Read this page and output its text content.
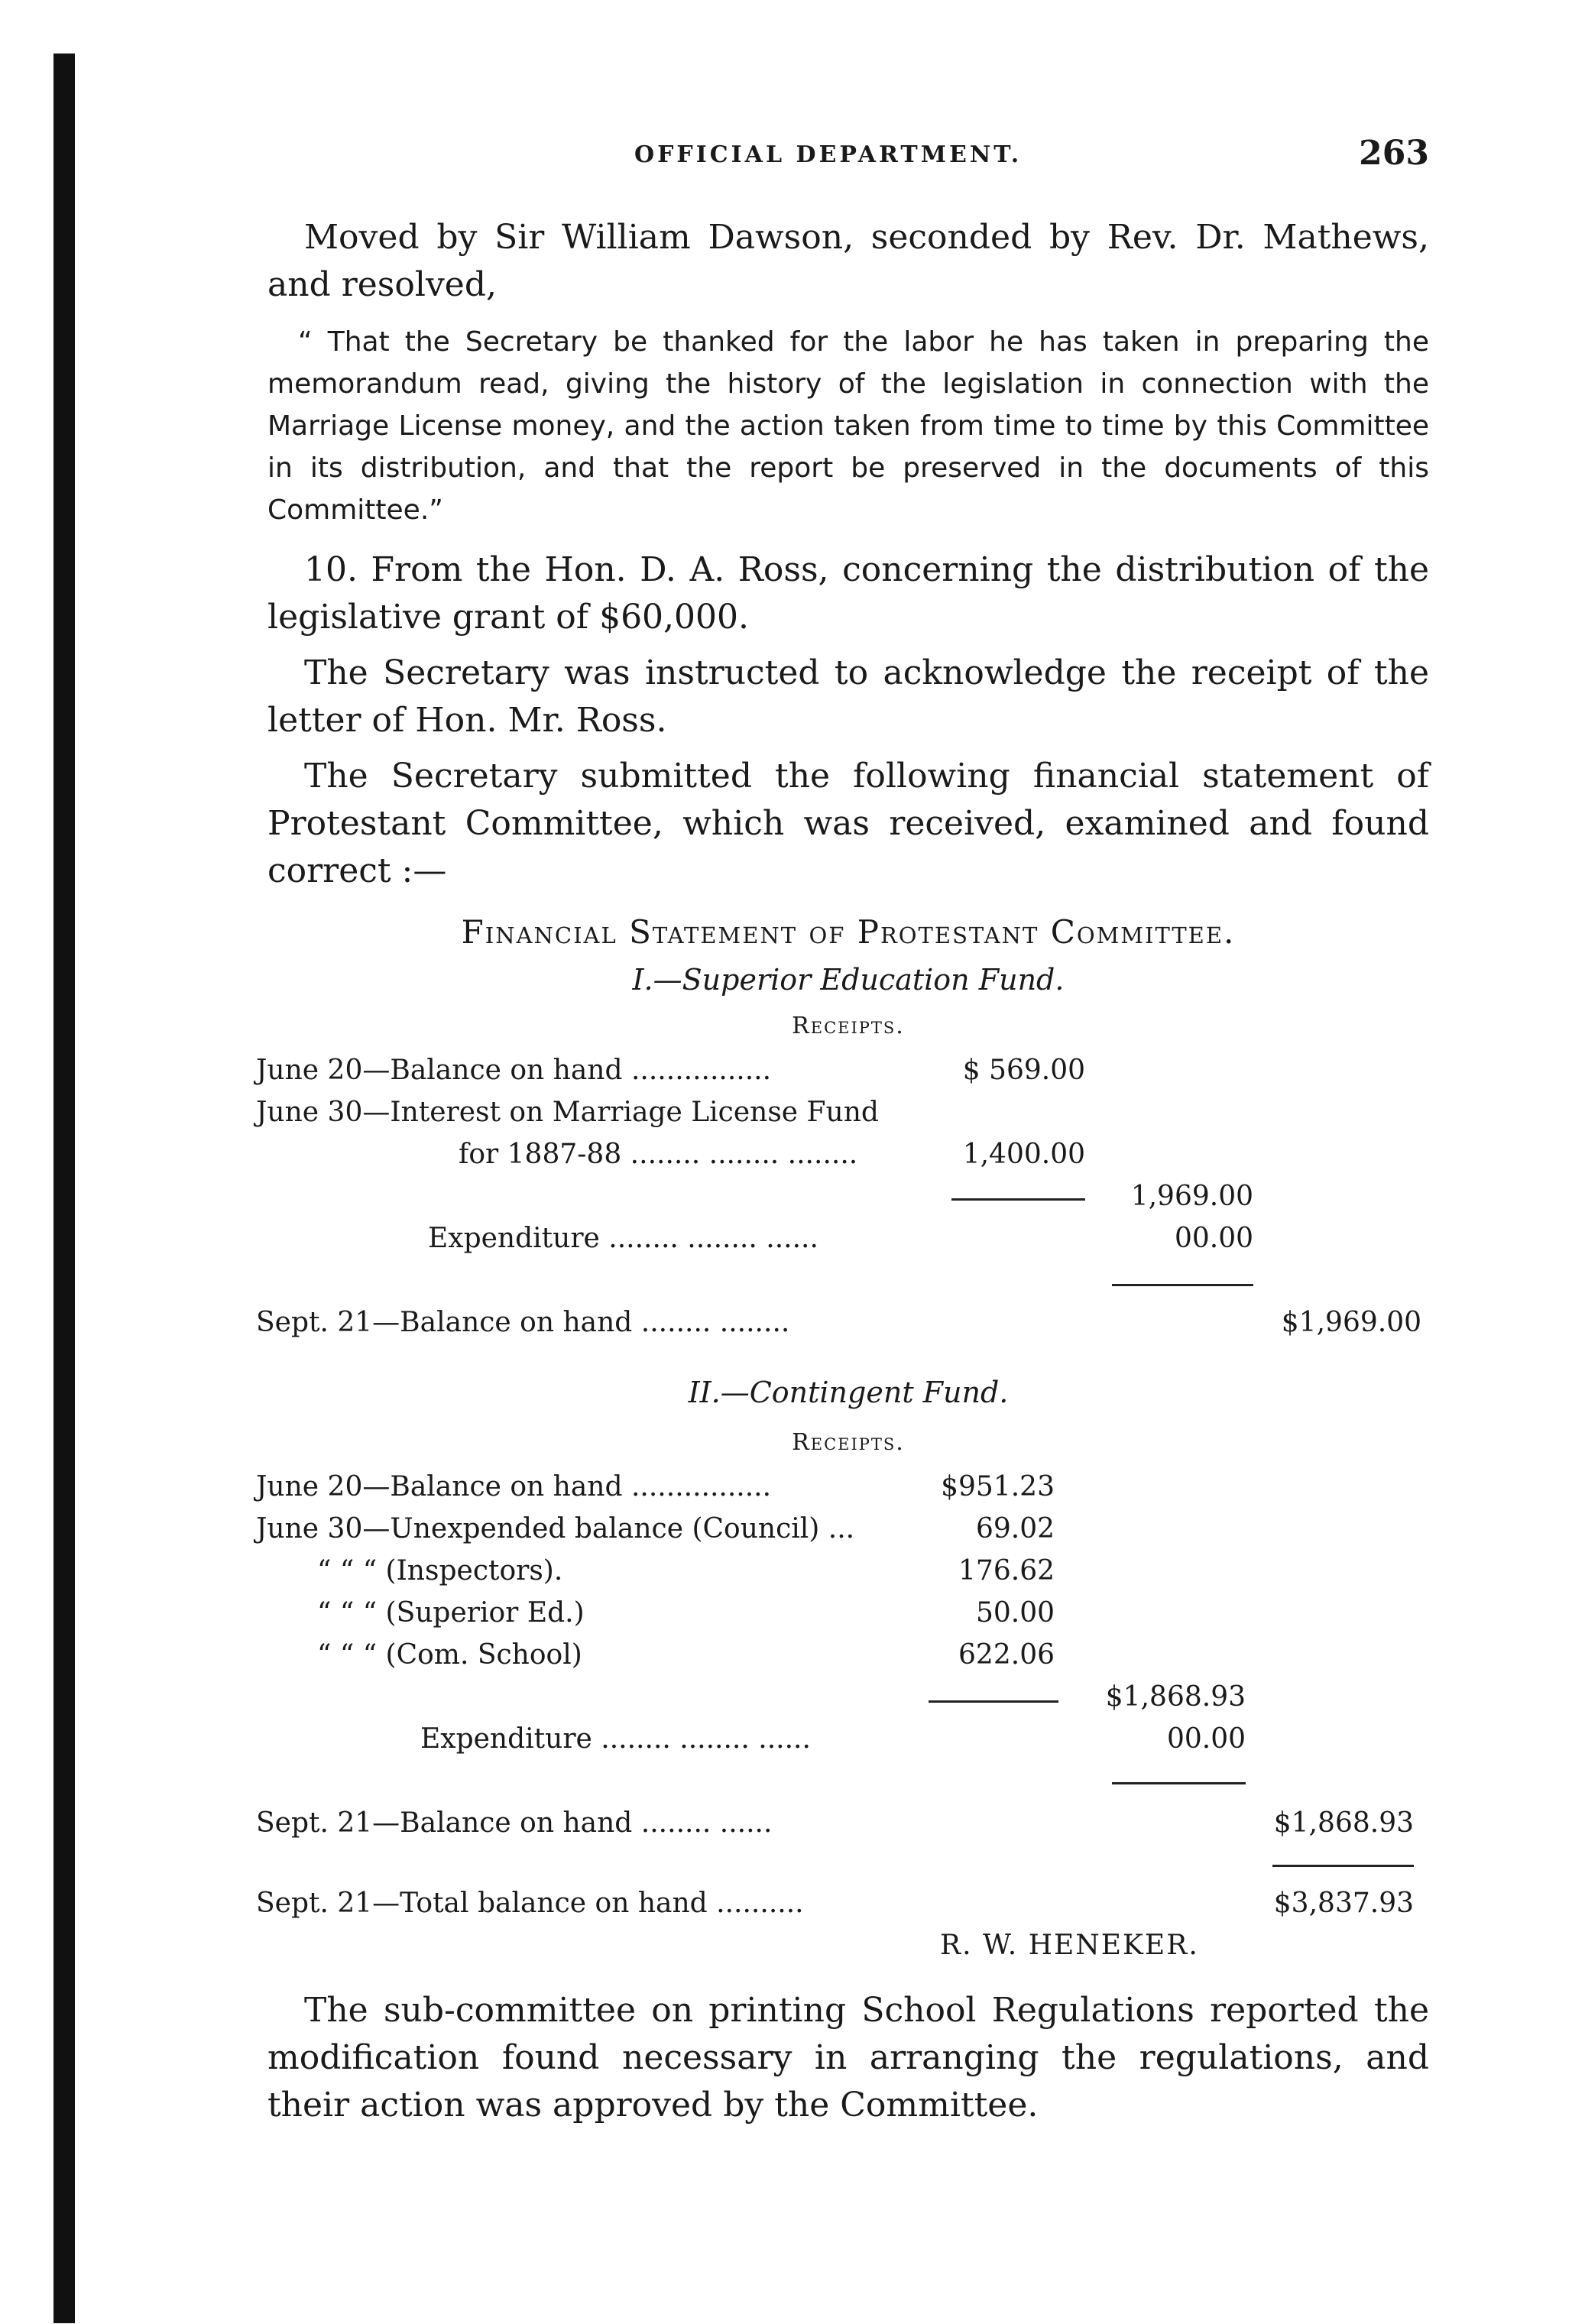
OFFICIAL DEPARTMENT.	263
Moved by Sir William Dawson, seconded by Rev. Dr. Mathews, and resolved,
“ That the Secretary be thanked for the labor he has taken in preparing the memorandum read, giving the history of the legislation in connection with the Marriage License money, and the action taken from time to time by this Committee in its distribution, and that the report be preserved in the documents of this Committee.”
10. From the Hon. D. A. Ross, concerning the distribution of the legislative grant of $60,000.
The Secretary was instructed to acknowledge the receipt of the letter of Hon. Mr. Ross.
The Secretary submitted the following financial statement of Protestant Committee, which was received, examined and found correct :—
Financial Statement of Protestant Committee.
I.—Superior Education Fund.
Receipts.
June 20—Balance on hand ................	$ 569.00
June 30—Interest on Marriage License Fund
for 1887-88 ........ ........ ........	1,400.00
1,969.00
Expenditure ........ ........ ......	00.00
Sept. 21—Balance on hand ........ ........	$1,969.00
II.—Contingent Fund.
Receipts.
June 20—Balance on hand ................	$951.23
June 30—Unexpended balance (Council) ...	69.02
“ “ “ (Inspectors).	176.62
“ “ “ (Superior Ed.)	50.00
“ “ “ (Com. School)	622.06
$1,868.93
Expenditure ........ ........ ......	00.00
Sept. 21—Balance on hand ........ ......	$1,868.93
Sept. 21—Total balance on hand ..........	$3,837.93
R. W. HENEKER.
The sub-committee on printing School Regulations reported the modification found necessary in arranging the regulations, and their action was approved by the Committee.
